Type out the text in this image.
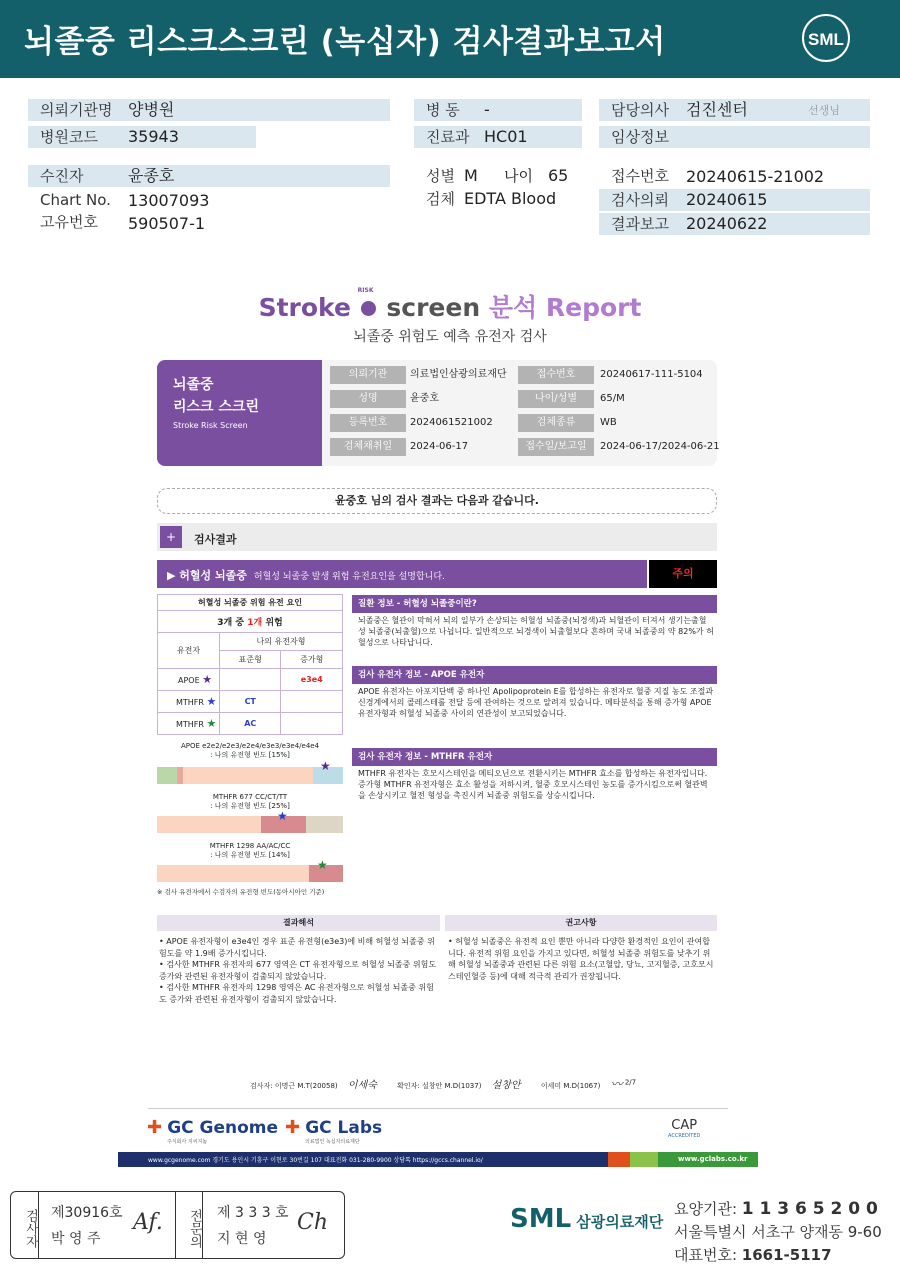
뇌졸중 리스크스크린 (녹십자) 검사결과보고서	SML
의뢰기관명 양병원
병원코드	35943
병 동	-
진료과 HC01
담당의사	검진센터	선생님
임상정보
수진자	윤종호
Chart No. 13007093
고유번호 590507-1
성별 M 나이 65
검체 EDTA Blood
접수번호 20240615-21002
검사의뢰	20240615
결과보고	20240622
Stroke
RISK
screen 분석 Report
뇌졸중 위험도 예측 유전자 검사
뇌졸중
리스크 스크린
Stroke Risk Screen
의뢰기관	의료법인삼광의료재단	접수번호	20240617-111-5104
성명	윤중호	나이/성별	65/M
등록번호	2024061521002	검체종류	WB
검체채취일	2024-06-17	접수일/보고일	2024-06-17/2024-06-21
윤중호 님의 검사 결과는 다음과 같습니다.
+	검사결과
▶ 허혈성 뇌졸중 허혈성 뇌졸중 발생 위험 유전요인을 설명합니다.	주의
허혈성 뇌졸중 위험 유전 요인		
3개 중 1개 위험		
유전자	나의 유전자형	
	표준형	증가형
APOE ★		e3e4
MTHFR ★	CT	
MTHFR ★	AC	
APOE e2e2/e2e3/e2e4/e3e3/e3e4/e4e4
: 나의 유전형 빈도 [15%]
★
MTHFR 677 CC/CT/TT
: 나의 유전형 빈도 [25%]
★
MTHFR 1298 AA/AC/CC
: 나의 유전형 빈도 [14%]
★
※ 검사 유전자에서 수검자의 유전형 빈도(동아시아인 기준)
질환 정보 - 허혈성 뇌졸중이란?
뇌졸중은 혈관이 막혀서 뇌의 일부가 손상되는 허혈성 뇌졸중(뇌경색)과 뇌혈관이 터져서 생기는출혈성 뇌졸중(뇌출혈)으로 나뉩니다. 일반적으로 뇌경색이 뇌출혈보다 흔하며 국내 뇌졸중의 약 82%가 허혈성으로 나타납니다.
검사 유전자 정보 - APOE 유전자
APOE 유전자는 아포지단백 중 하나인 Apolipoprotein E를 합성하는 유전자로 혈중 지질 농도 조절과신경계에서의 콜레스테롤 전달 등에 관여하는 것으로 알려져 있습니다. 메타분석을 통해 증가형 APOE 유전자형과 허혈성 뇌졸중 사이의 연관성이 보고되었습니다.
검사 유전자 정보 - MTHFR 유전자
MTHFR 유전자는 호모시스테인을 메티오닌으로 전환시키는 MTHFR 효소를 합성하는 유전자입니다. 증가형 MTHFR 유전자형은 효소 활성을 저하시켜, 혈중 호모시스테인 농도를 증가시킴으로써 혈관벽을 손상시키고 혈전 형성을 촉진시켜 뇌졸중 위험도를 상승시킵니다.
결과해석
• APOE 유전자형이 e3e4인 경우 표준 유전형(e3e3)에 비해 허혈성 뇌졸중 위험도를 약 1.9배 증가시킵니다.
• 검사한 MTHFR 유전자의 677 영역은 CT 유전자형으로 허혈성 뇌졸중 위험도 증가와 관련된 유전자형이 검출되지 않았습니다.
• 검사한 MTHFR 유전자의 1298 영역은 AC 유전자형으로 허혈성 뇌졸중 위험도 증가와 관련된 유전자형이 검출되지 않았습니다.
권고사항
• 허혈성 뇌졸중은 유전적 요인 뿐만 아니라 다양한 환경적인 요인이 관여합니다. 유전적 위험 요인을 가지고 있다면, 허혈성 뇌졸중 위험도를 낮추기 위해 허혈성 뇌졸중과 관련된 다른 위험 요소(고혈압, 당뇨, 고지혈증, 고호모시스테인혈증 등)에 대해 적극적 관리가 권장됩니다.
검사자: 이명근 M.T(20058) 이세숙	확인자: 설창안 M.D(1037) 설창안	이세미 M.D(1067) 〰 $^{2/7}$
✚ GC Genome
주식회사 지씨지놈
✚ GC Labs
의료법인 녹십자의료재단
CAP
ACCREDITED
www.gcgenome.com 경기도 용인시 기흥구 이현로 30번길 107 대표전화 031-280-9900 상담톡 https://gccs.channel.io/	www.gclabs.co.kr
검사자 제30916호
박 영 주
Af.	전문의 제 3 3 3 호
지 현 영
Ch	SML 삼광의료재단
요양기관: 1 1 3 6 5 2 0 0
서울특별시 서초구 양재동 9-60
대표번호: 1661-5117
